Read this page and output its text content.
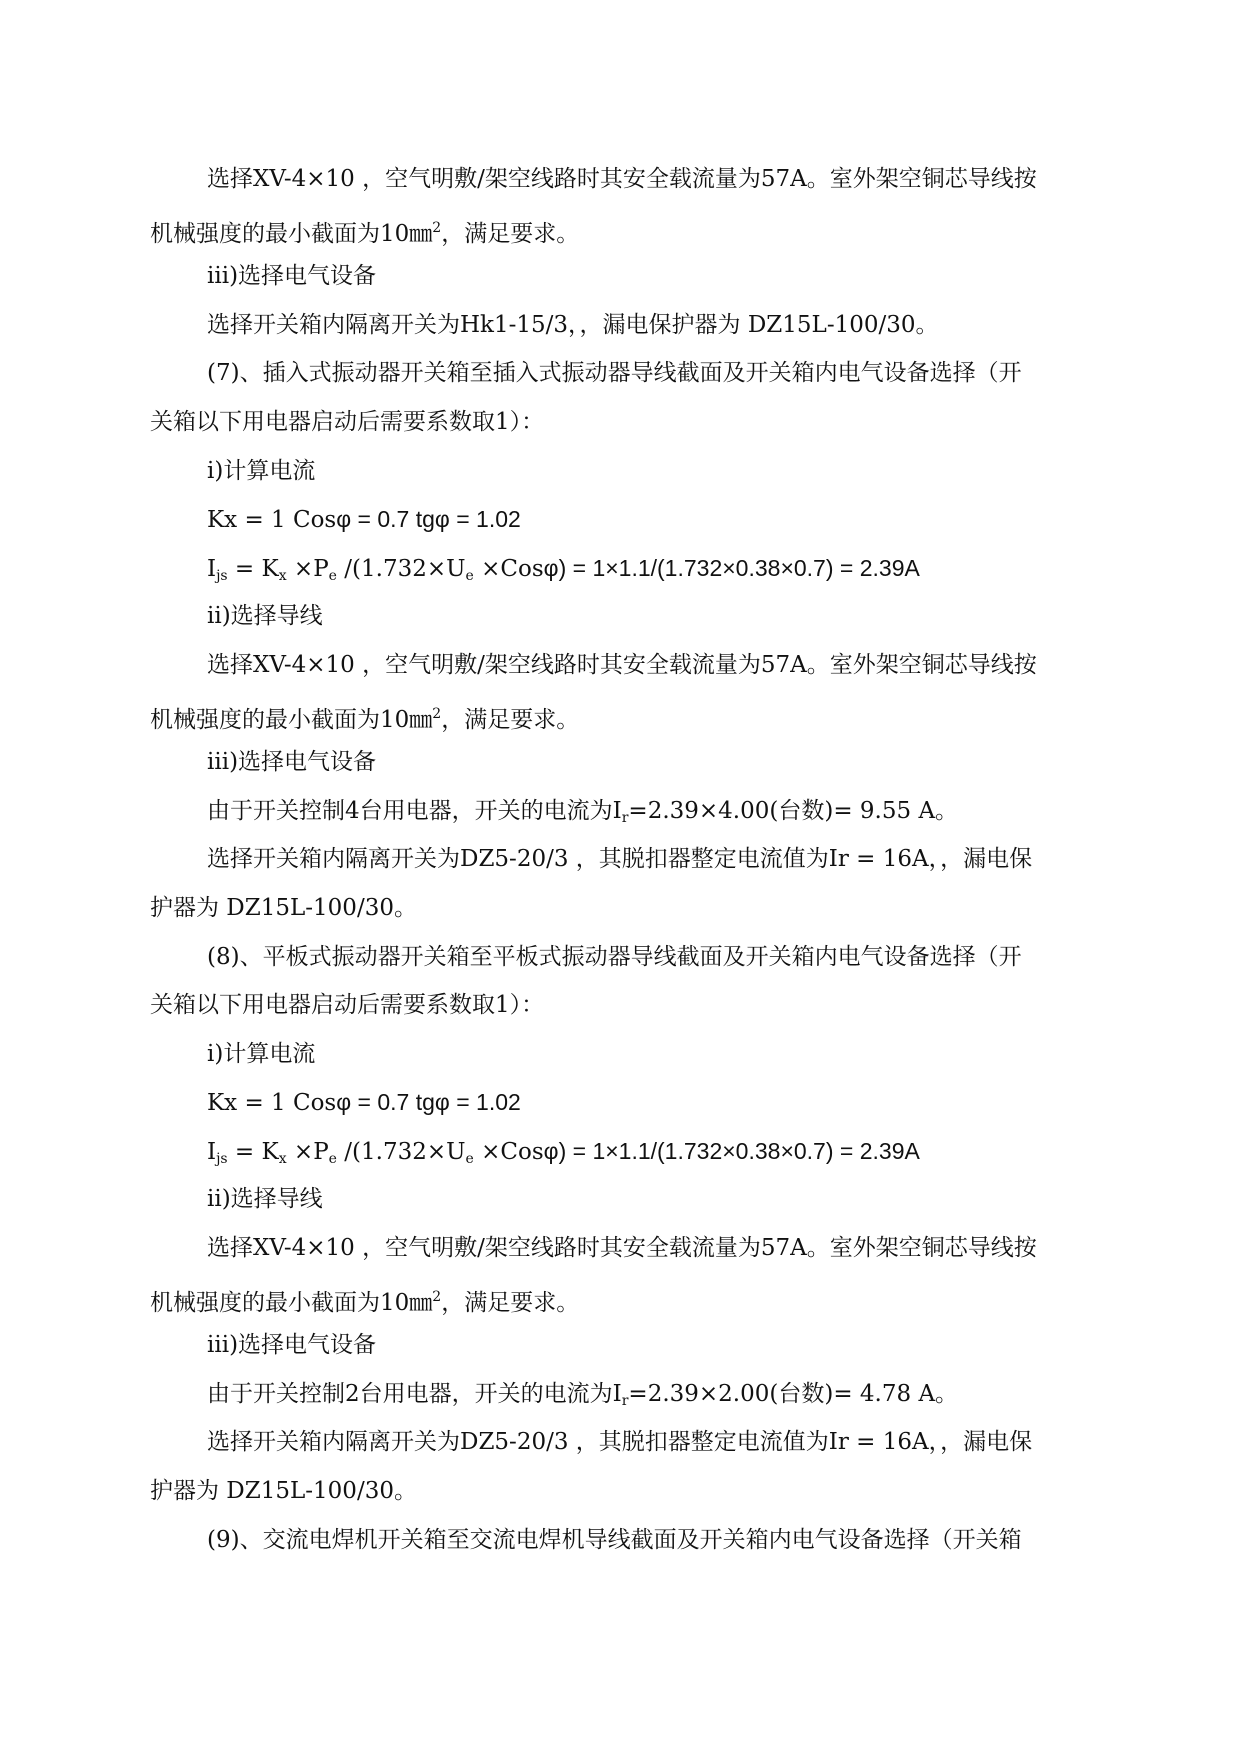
选择XV-4×10 ，空气明敷/架空线路时其安全载流量为57A。室外架空铜芯导线按
机械强度的最小截面为10㎜$^2$，满足要求。
iii)选择电气设备
选择开关箱内隔离开关为Hk1-15/3，，漏电保护器为 DZ15L-100/30。
(7)、插入式振动器开关箱至插入式振动器导线截面及开关箱内电气设备选择（开
关箱以下用电器启动后需要系数取1）：
i)计算电流
Kx = 1 Cosφ = 0.7 tgφ = 1.02
$I_{js} = K_x \times P_e$ $/(1.732\times U_e \times Cos\varphi) = 1\times 1.1/(1.732\times 0.38\times 0.7) = 2.39A$
ii)选择导线
选择XV-4×10 ，空气明敷/架空线路时其安全载流量为57A。室外架空铜芯导线按
机械强度的最小截面为10㎜$^2$，满足要求。
iii)选择电气设备
由于开关控制4台用电器，开关的电流为$I_r=2.39\times 4.00$(台数)= 9.55 A。
选择开关箱内隔离开关为DZ5-20/3 ，其脱扣器整定电流值为Ir = 16A，，漏电保
护器为 DZ15L-100/30。
(8)、平板式振动器开关箱至平板式振动器导线截面及开关箱内电气设备选择（开
关箱以下用电器启动后需要系数取1）：
i)计算电流
Kx = 1 Cosφ = 0.7 tgφ = 1.02
$I_{js} = K_x \times P_e$ $/(1.732\times U_e \times Cos\varphi) = 1\times 1.1/(1.732\times 0.38\times 0.7) = 2.39A$
ii)选择导线
选择XV-4×10 ，空气明敷/架空线路时其安全载流量为57A。室外架空铜芯导线按
机械强度的最小截面为10㎜$^2$，满足要求。
iii)选择电气设备
由于开关控制2台用电器，开关的电流为$I_r=2.39\times 2.00$(台数)= 4.78 A。
选择开关箱内隔离开关为DZ5-20/3 ，其脱扣器整定电流值为Ir = 16A，，漏电保
护器为 DZ15L-100/30。
(9)、交流电焊机开关箱至交流电焊机导线截面及开关箱内电气设备选择（开关箱
